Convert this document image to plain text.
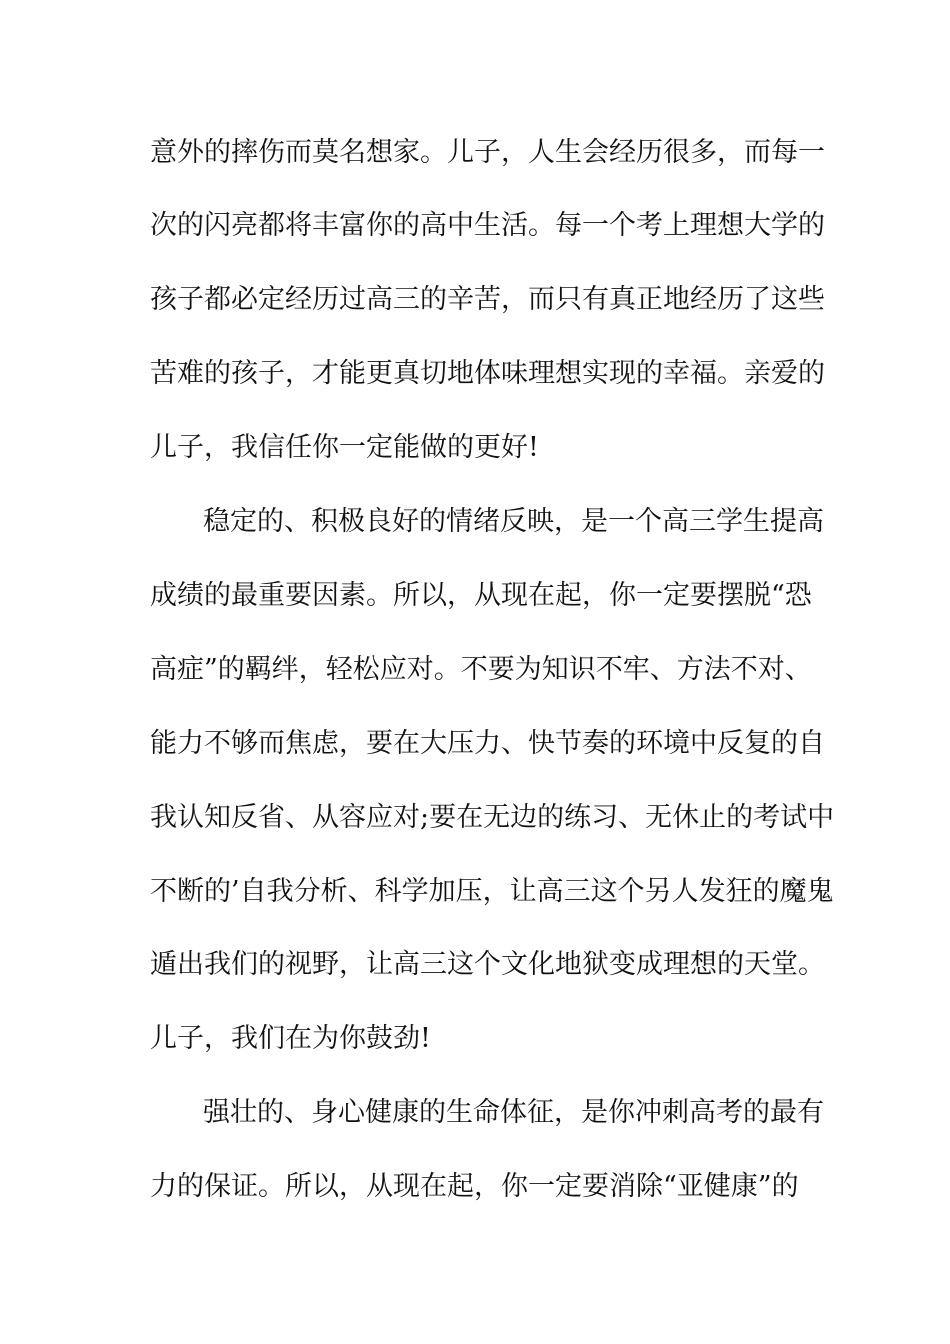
意外的摔伤而莫名想家。儿子，人生会经历很多，而每一
次的闪亮都将丰富你的高中生活。每一个考上理想大学的
孩子都必定经历过高三的辛苦，而只有真正地经历了这些
苦难的孩子，才能更真切地体味理想实现的幸福。亲爱的
儿子，我信任你一定能做的更好!
稳定的、积极良好的情绪反映，是一个高三学生提高
成绩的最重要因素。所以，从现在起，你一定要摆脱“恐
高症”的羁绊，轻松应对。不要为知识不牢、方法不对、
能力不够而焦虑，要在大压力、快节奏的环境中反复的自
我认知反省、从容应对;要在无边的练习、无休止的考试中
不断的’自我分析、科学加压，让高三这个另人发狂的魔鬼
遁出我们的视野，让高三这个文化地狱变成理想的天堂。
儿子，我们在为你鼓劲!
强壮的、身心健康的生命体征，是你冲刺高考的最有
力的保证。所以，从现在起，你一定要消除“亚健康”的
